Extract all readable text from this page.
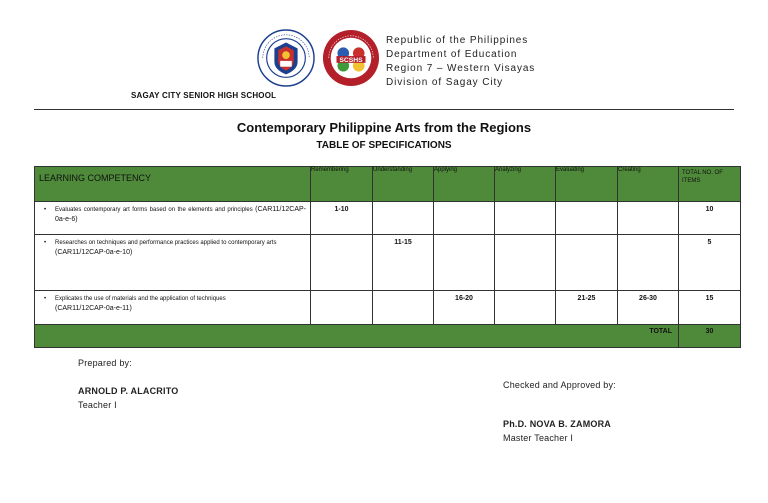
SCSHS
Republic of the Philippines
Department of Education
Region 7 – Western Visayas
Division of Sagay City
SAGAY CITY SENIOR HIGH SCHOOL
Contemporary Philippine Arts from the Regions
TABLE OF SPECIFICATIONS
LEARNING COMPETENCY	Remembering	Understanding	Applying	Analyzing	Evaluating	Creating	TOTAL NO. OF ITEMS

• Evaluates contemporary art forms based on the elements and principles (CAR11/12CAP-0a-e-6)	1-10						10

• Researches on techniques and performance practices applied to contemporary arts
(CAR11/12CAP-0a-e-10)		11-15					5

• Explicates the use of materials and the application of techniques
(CAR11/12CAP-0a-e-11)			16-20		21-25	26-30	15
TOTAL							30
Prepared by:
ARNOLD P. ALACRITO
Teacher I
Checked and Approved by:
Ph.D. NOVA B. ZAMORA
Master Teacher I
